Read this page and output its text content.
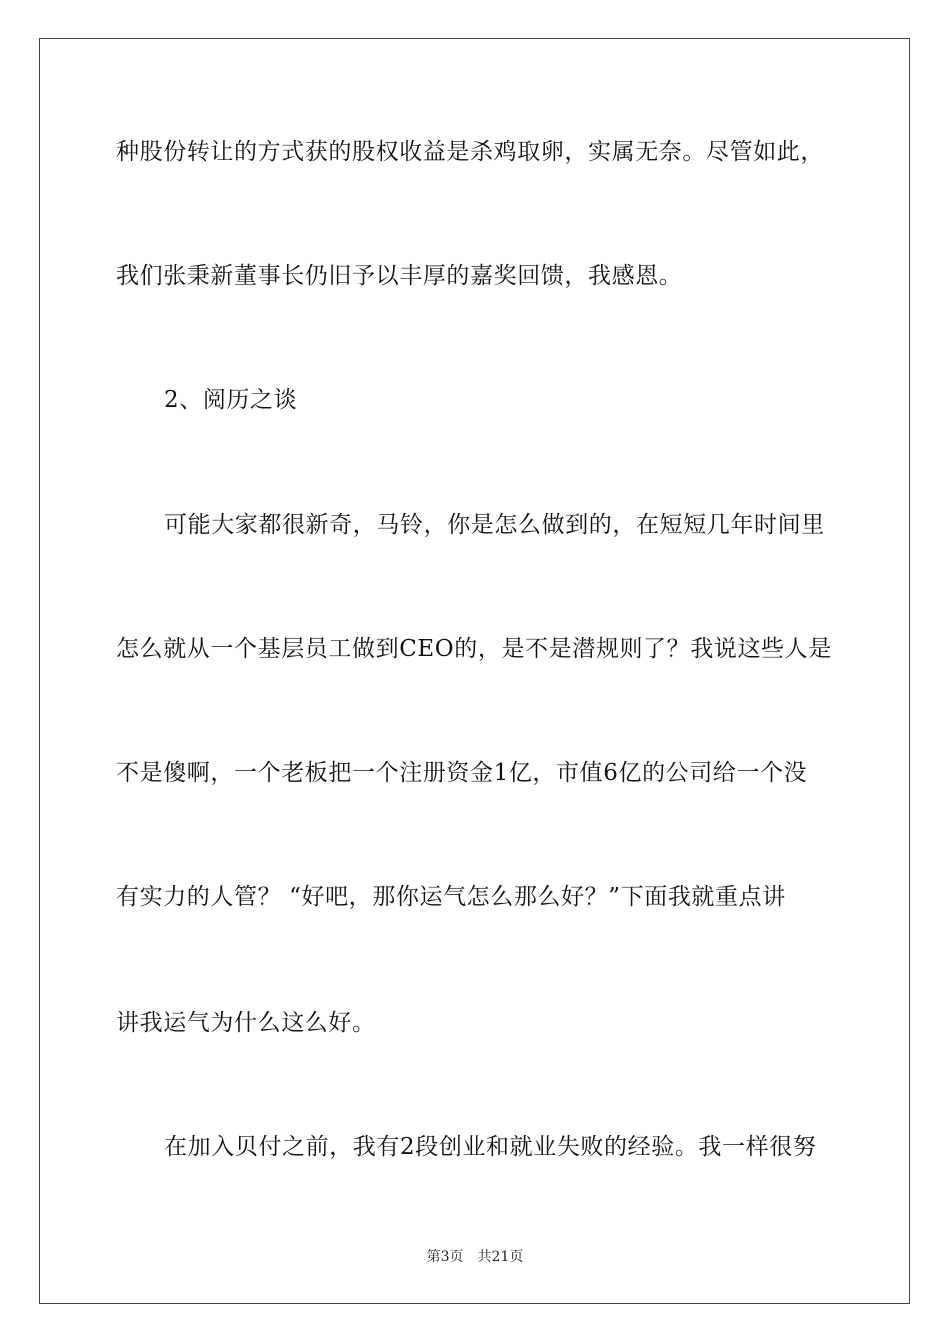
种股份转让的方式获的股权收益是杀鸡取卵，实属无奈。尽管如此，
我们张秉新董事长仍旧予以丰厚的嘉奖回馈，我感恩。
2、阅历之谈
可能大家都很新奇，马铃，你是怎么做到的，在短短几年时间里
怎么就从一个基层员工做到CEO的，是不是潜规则了？我说这些人是
不是傻啊，一个老板把一个注册资金1亿，市值6亿的公司给一个没
有实力的人管？ “好吧，那你运气怎么那么好？”下面我就重点讲
讲我运气为什么这么好。
在加入贝付之前，我有2段创业和就业失败的经验。我一样很努
第3页 共21页
